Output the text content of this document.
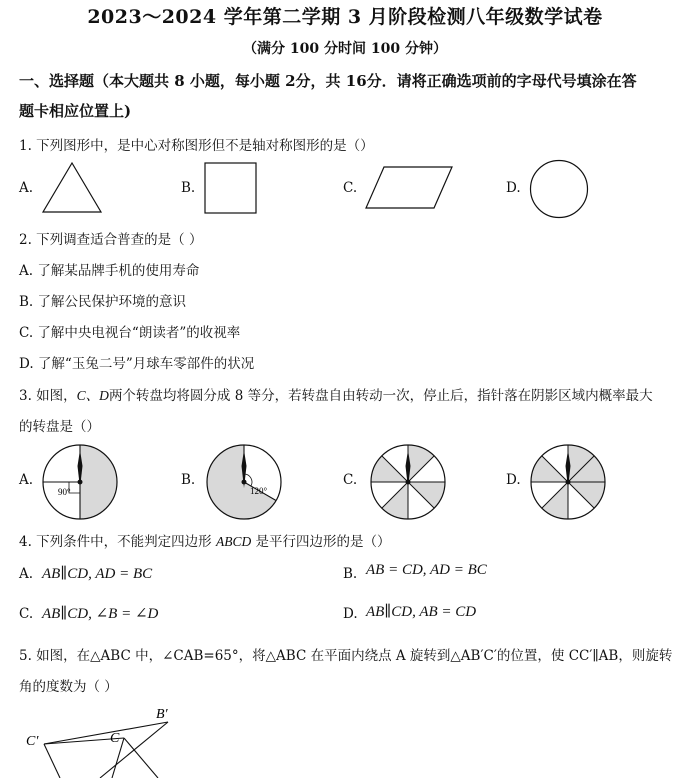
2023～2024 学年第二学期 3 月阶段检测八年级数学试卷
（满分 100 分时间 100 分钟）
一、选择题（本大题共 8 小题，每小题 2分，共 16分．请将正确选项前的字母代号填涂在答
题卡相应位置上)
1. 下列图形中，是中心对称图形但不是轴对称图形的是（）
A.	B.	C.	D.
2. 下列调查适合普查的是（ ）
A. 了解某品牌手机的使用寿命
B. 了解公民保护环境的意识
C. 了解中央电视台“朗读者”的收视率
D. 了解“玉兔二号”月球车零部件的状况
3. 如图，C、D两个转盘均将圆分成 8 等分，若转盘自由转动一次，停止后，指针落在阴影区域内概率最大
的转盘是（）
A.
90°
B.
120°
C.	D.
4. 下列条件中，不能判定四边形 ABCD 是平行四边形的是（）
A. AB∥CD, AD = BC	B. AB = CD, AD = BC
C. AB∥CD, ∠B = ∠D	D. AB∥CD, AB = CD
5. 如图，在△ABC 中，∠CAB=65°，将△ABC 在平面内绕点 A 旋转到△AB′C′的位置，使 CC′∥AB，则旋转
角的度数为（ ）
C′	C
B′
